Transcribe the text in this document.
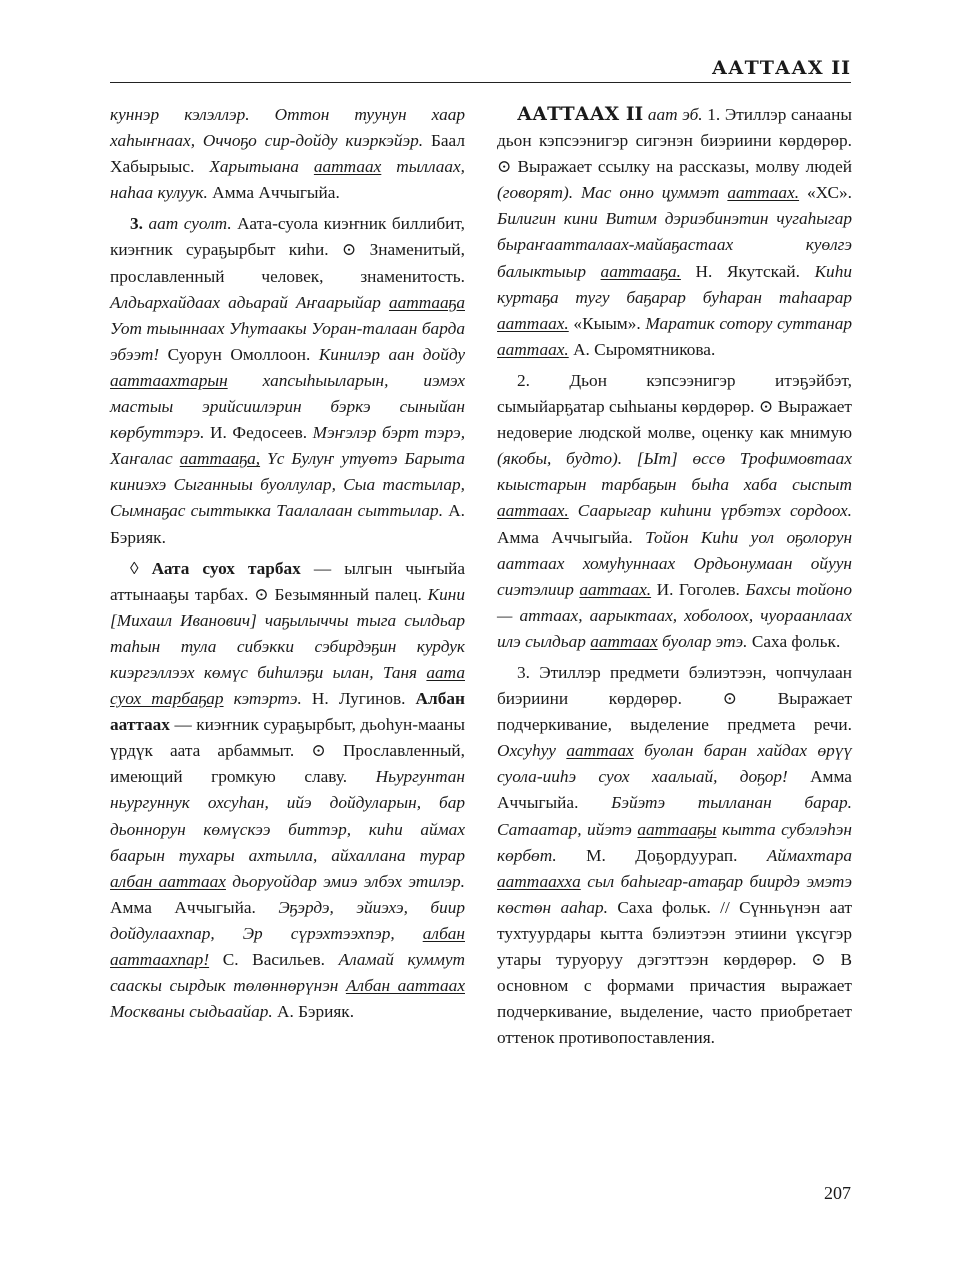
ААТТААХ II

куннэр кэлэллэр. Оттон туунун хаар хаһыҥнаах, Оччоҕо сир-дойду киэркэйэр. Баал Хабырыыс. Харытыана ааттаах тыллаах, наһаа кулуук. Амма Аччыгыйа.

3. аат суолт. Аата-суола киэҥник биллибит, киэҥник сураҕырбыт киһи. ⊙ Знаменитый, прославленный человек, знаменитость. Алдьархайдаах адьарай Аҥаарыйар ааттааҕа Уот тыыннаах Уһутаакы Уоран-талаан барда эбээт! Суорун Омоллоон. Кинилэр аан дойду ааттаахтарын хапсыһыыларын, иэмэх мастыы эрийсиилэрин бэркэ сыныйан көрбуттэрэ. И. Федосеев. Мэҥэлэр бэрт тэрэ, Хаҥалас ааттааҕа, Үс Булуҥ утуөтэ Барыта киниэхэ Сыганныы буоллулар, Сыа тастылар, Сымнаҕас сыттыкка Таалалаан сыттылар. А. Бэрияк.

◊ Аата суох тарбах — ылгын чыҥыйа аттынааҕы тарбах. ⊙ Безымянный палец. Кини [Михаил Иванович] чаҕылыччы тыга сылдьар таһын тула сибэкки сэбирдэҕин курдук киэргэллээх көмүс биһилэҕи ылан, Таня аата суох тарбаҕар кэтэртэ. Н. Лугинов. Албан ааттаах — киэҥник сураҕырбыт, дьоһун-мааны үрдүк аата арбаммыт. ⊙ Прославленный, имеющий громкую славу. Ньургунтан ньургуннук охсуһан, ийэ дойдуларын, бар дьоннорун көмүскээ биттэр, киһи аймах баарын тухары ахтылла, айхаллана турар албан ааттаах дьоруойдар эмиэ элбэх этилэр. Амма Аччыгыйа. Эҕэрдэ, эйиэхэ, биир дойдулаахпар, Эр сүрэхтээхпэр, албан ааттаахпар! С. Васильев. Аламай куммут сааскы сырдык төлөннөрүнэн Албан ааттаах Москваны сыдьаайар. А. Бэрияк.

ААТТААХ II аат эб. 1. Этиллэр санааны дьон кэпсээнигэр сигэнэн биэриини көрдөрөр. ⊙ Выражает ссылку на рассказы, молву людей (говорят). Мас онно цуммэт ааттаах. «ХС». Билигин кини Витим дэриэбинэтин чугаһыгар быраҥааттaлaах-майаҕастаах куөлгэ балыктыыр ааттааҕа. Н. Якутскай. Киһи куртаҕа тугу баҕарар буһаран таһаарар ааттаах. «Кыым». Маратик сотору суттанар ааттаах. А. Сыромятникова.

2. Дьон кэпсээнигэр итэҕэйбэт, сымыйарҕатар сыһыаны көрдөрөр. ⊙ Выражает недоверие людской молве, оценку как мнимую (якобы, будто). [Ыт] өссө Трофимовтаах кыыстарын тарбаҕын быһа хаба сыспыт ааттаах. Саарыгар киһини үрбэтэх сордоох. Амма Аччыгыйа. Тойон Киһи уол оҕолорун ааттаах хомуһуннаах Ордьонумаан ойуун сиэтэлиир ааттаах. И. Гоголев. Бахсы тойоно — аттаах, аарыктаах, хоболоох, чуораанлаах илэ сылдьар ааттаах буолар этэ. Саха фольк.

3. Этиллэр предмети бэлиэтээн, чопчулаан биэриини көрдөрөр. ⊙ Выражает подчеркивание, выделение предмета речи. Охсуһуу ааттаах буолан баран хайдах өрүү суола-ииһэ суох хаалыай, доҕор! Амма Аччыгыйа. Бэйэтэ тылланан барар. Сатаатар, ийэтэ ааттааҕы кытта субэлэһэн көрбөт. М. Доҕордуурап. Аймахтара ааттааххa сыл баһыгар-атаҕар биирдэ эмэтэ көстөн ааһар. Саха фольк. // Сүнньүнэн аат тухтуурдары кытта бэлиэтээн этиини үксүгэр утары туруоруу дэгэттээн көрдөрөр. ⊙ В основном с формами причастия выражает подчеркивание, выделение, часто приобретает оттенок противопоставления.

207
